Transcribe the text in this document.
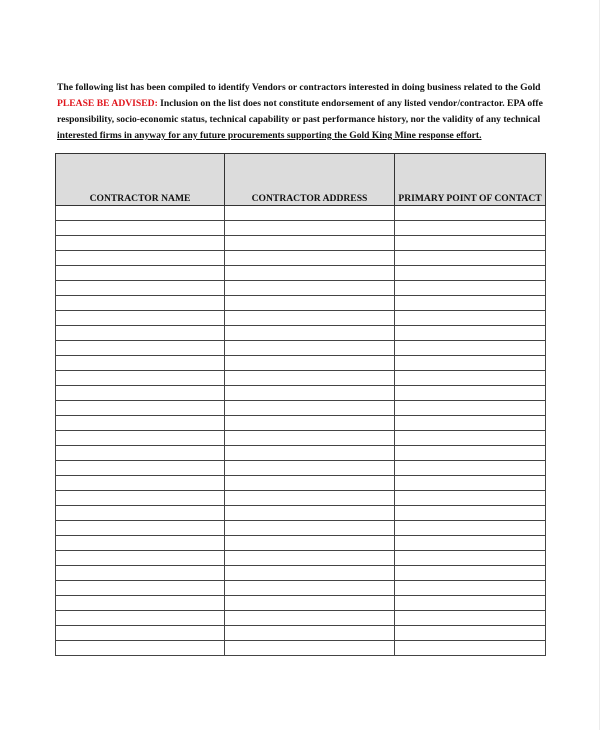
The following list has been compiled to identify Vendors or contractors interested in doing business related to the Gold
PLEASE BE ADVISED: Inclusion on the list does not constitute endorsement of any listed vendor/contractor. EPA offe
responsibility, socio-economic status, technical capability or past performance history, nor the validity of any technical
interested firms in anyway for any future procurements supporting the Gold King Mine response effort.
CONTRACTOR NAME	CONTRACTOR ADDRESS	PRIMARY POINT OF CONTACT
